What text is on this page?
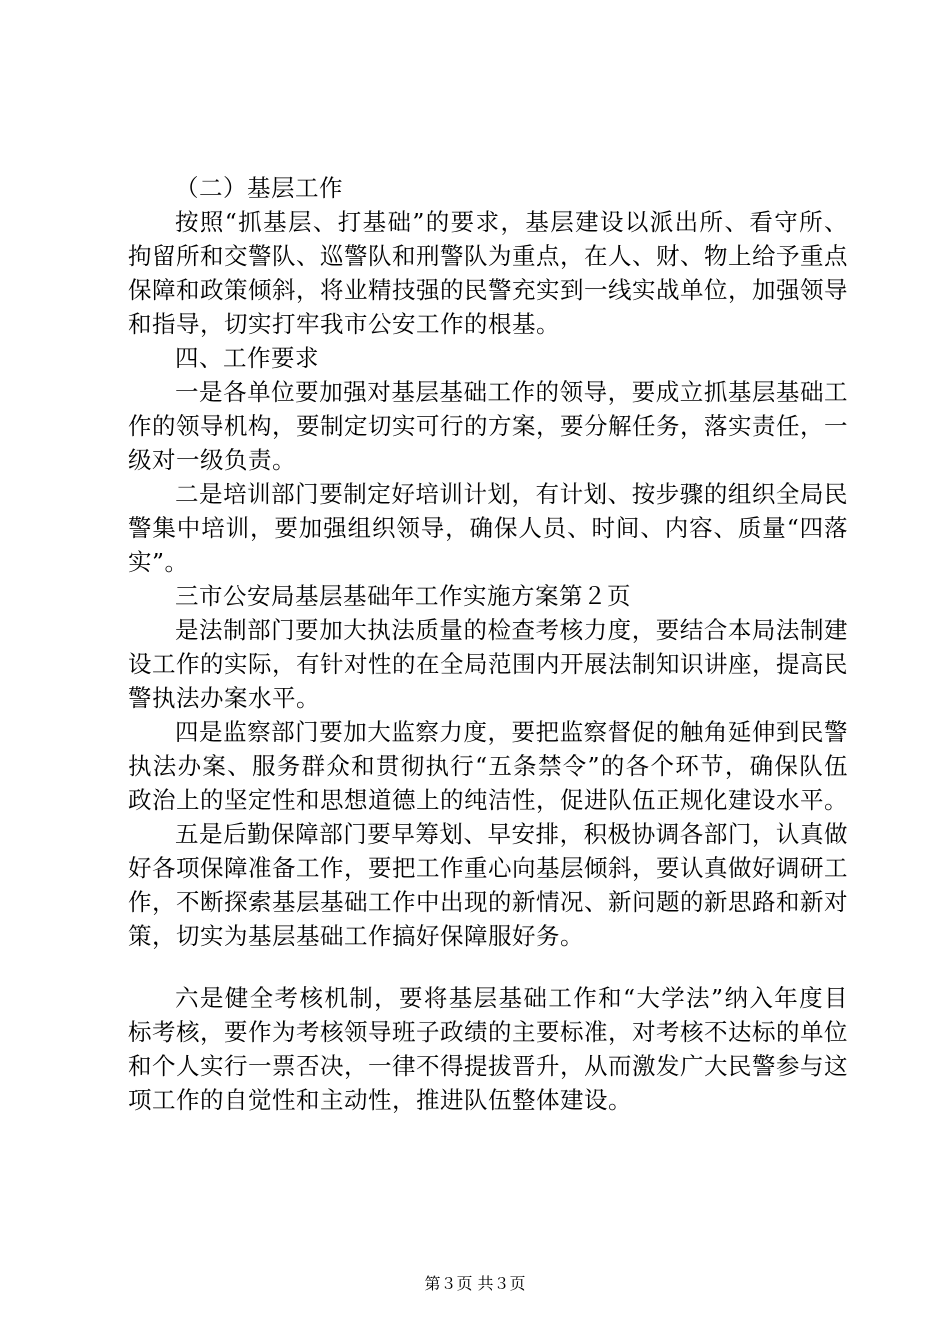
（二）基层工作

按照“抓基层、打基础”的要求，基层建设以派出所、看守所、拘留所和交警队、巡警队和刑警队为重点，在人、财、物上给予重点保障和政策倾斜，将业精技强的民警充实到一线实战单位，加强领导和指导，切实打牢我市公安工作的根基。

四、工作要求

一是各单位要加强对基层基础工作的领导，要成立抓基层基础工作的领导机构，要制定切实可行的方案，要分解任务，落实责任，一级对一级负责。

二是培训部门要制定好培训计划，有计划、按步骤的组织全局民警集中培训，要加强组织领导，确保人员、时间、内容、质量“四落实”。

三市公安局基层基础年工作实施方案第２页

是法制部门要加大执法质量的检查考核力度，要结合本局法制建设工作的实际，有针对性的在全局范围内开展法制知识讲座，提高民警执法办案水平。

四是监察部门要加大监察力度，要把监察督促的触角延伸到民警执法办案、服务群众和贯彻执行“五条禁令”的各个环节，确保队伍政治上的坚定性和思想道德上的纯洁性，促进队伍正规化建设水平。

五是后勤保障部门要早筹划、早安排，积极协调各部门，认真做好各项保障准备工作，要把工作重心向基层倾斜，要认真做好调研工作，不断探索基层基础工作中出现的新情况、新问题的新思路和新对策，切实为基层基础工作搞好保障服好务。

六是健全考核机制，要将基层基础工作和“大学法”纳入年度目标考核，要作为考核领导班子政绩的主要标准，对考核不达标的单位和个人实行一票否决，一律不得提拔晋升，从而激发广大民警参与这项工作的自觉性和主动性，推进队伍整体建设。

第３页 共３页
